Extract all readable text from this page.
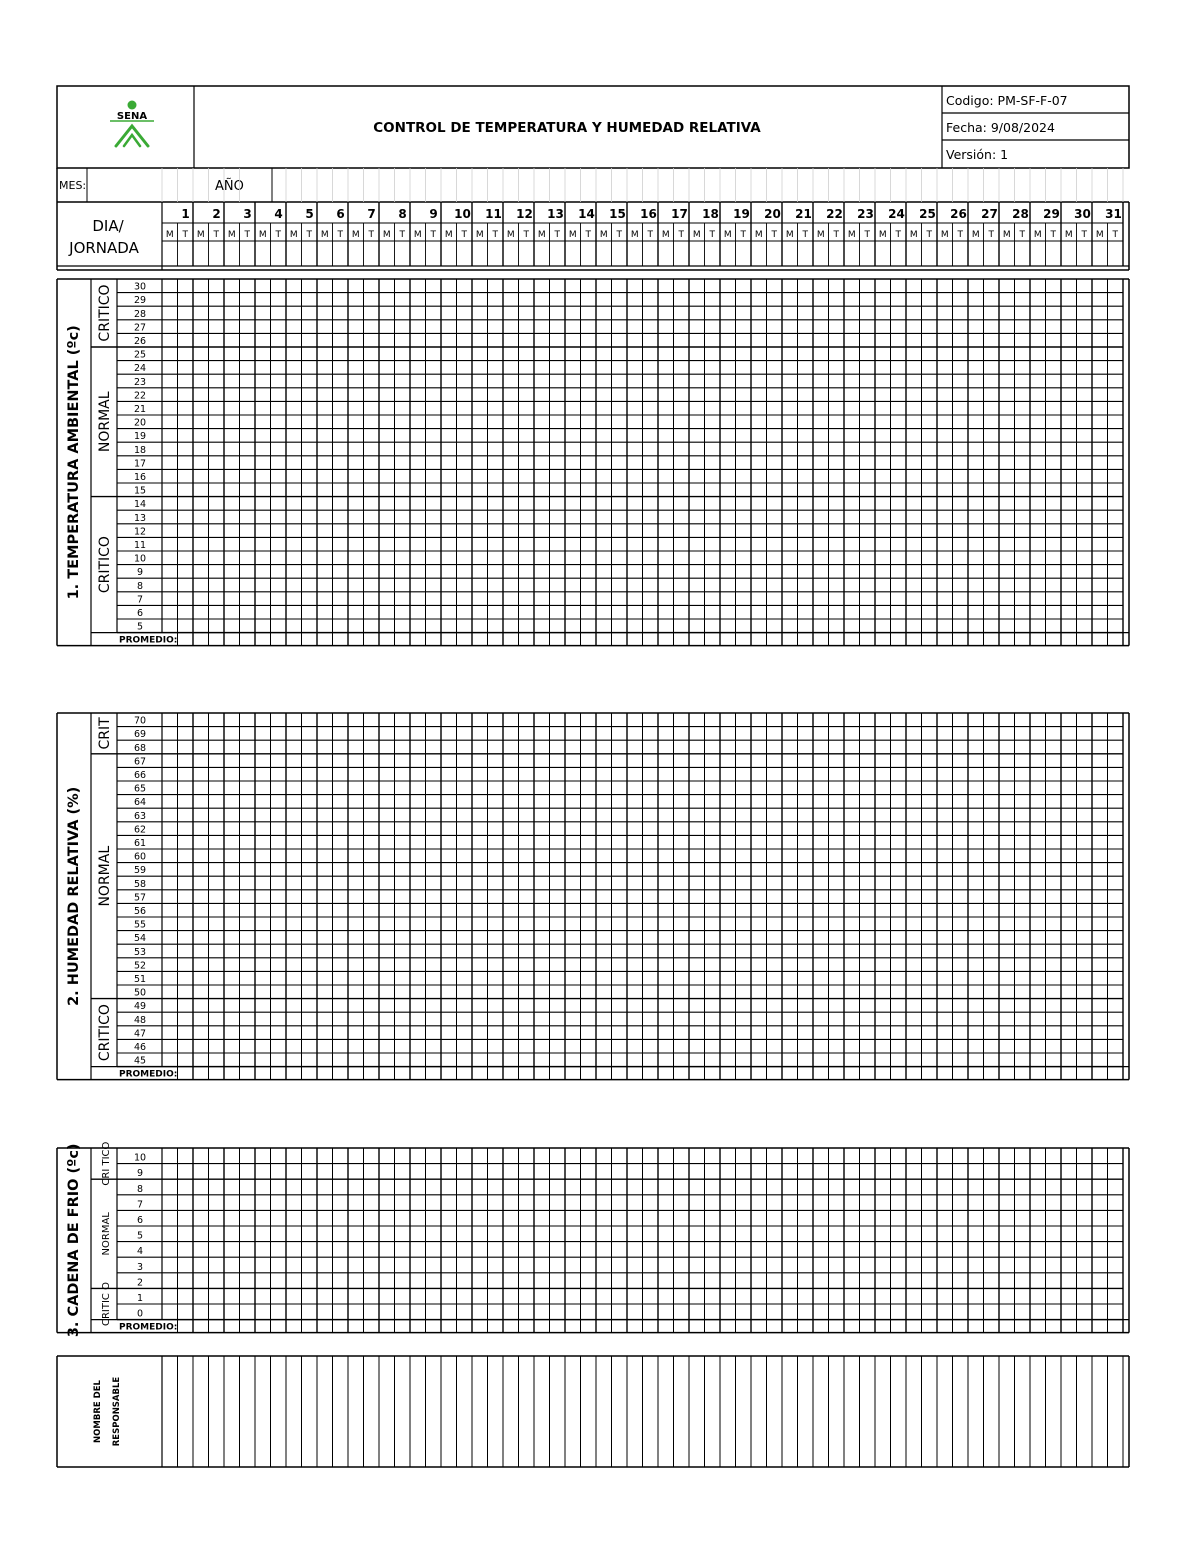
SENA
CONTROL DE TEMPERATURA Y HUMEDAD RELATIVA
Codigo: PM-SF-F-07
Fecha: 9/08/2024
Versión: 1
MES:	AÑO
DIA/
JORNADA
1
M T
2
M T
3
M T
4
M T
5
M T
6
M T
7
M T
8
M T
9
M T
10
M T
11
M T
12
M T
13
M T
14
M T
15
M T
16
M T
17
M T
18
M T
19
M T
20
M T
21
M T
22
M T
23
M T
24
M T
25
M T
26
M T
27
M T
28
M T
29
M T
30
M T
31
M T
30
29
28
27
26
25
24
23
22
21
20
19
18
17
16
15
14
13
12
11
10
9
8
7
6
5
CRITICO
NORMAL
CRITICO
1. TEMPERATURA AMBIENTAL (ºc)
PROMEDIO:
70
69
68
67
66
65
64
63
62
61
60
59
58
57
56
55
54
53
52
51
50
49
48
47
46
45
CRIT
NORMAL
CRITICO
2. HUMEDAD RELATIVA (%)
PROMEDIO:
10
9
8
7
6
5
4
3
2
1
0
CRI TICO
NORMAL
CRITIC O
3. CADENA DE FRIO (ºc)	PROMEDIO:
NOMBRE DEL RESPONSABLE
